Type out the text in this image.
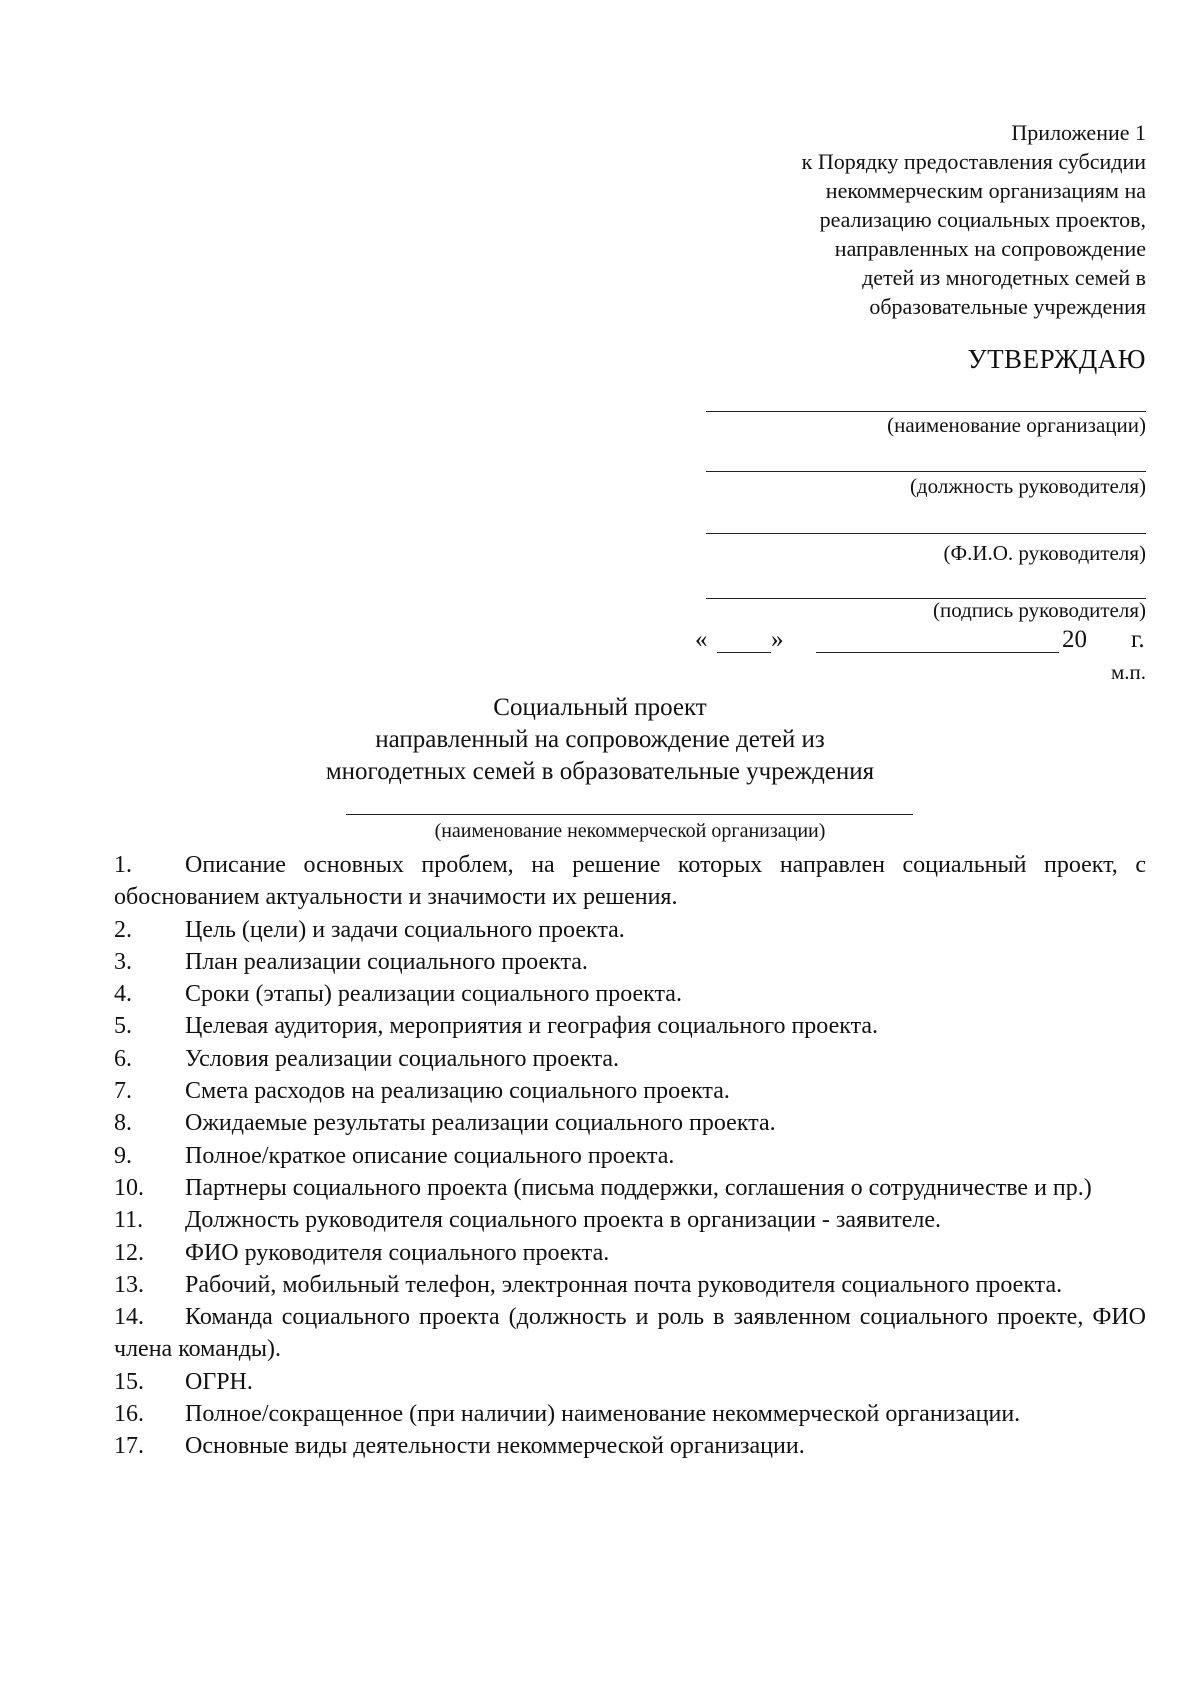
Приложение 1
к Порядку предоставления субсидии
некоммерческим организациям на
реализацию социальных проектов,
направленных на сопровождение
детей из многодетных семей в
образовательные учреждения
УТВЕРЖДАЮ
(наименование организации)
(должность руководителя)
(Ф.И.О. руководителя)
(подпись руководителя)
«	»	20 г.
м.п.
Социальный проект
направленный на сопровождение детей из
многодетных семей в образовательные учреждения
(наименование некоммерческой организации)
1.	Описание основных проблем, на решение которых направлен социальный проект, с обоснованием актуальности и значимости их решения.
2.	Цель (цели) и задачи социального проекта.
3.	План реализации социального проекта.
4.	Сроки (этапы) реализации социального проекта.
5.	Целевая аудитория, мероприятия и география социального проекта.
6.	Условия реализации социального проекта.
7.	Смета расходов на реализацию социального проекта.
8.	Ожидаемые результаты реализации социального проекта.
9.	Полное/краткое описание социального проекта.
10.	Партнеры социального проекта (письма поддержки, соглашения о сотрудничестве и пр.)
11.	Должность руководителя социального проекта в организации - заявителе.
12.	ФИО руководителя социального проекта.
13.	Рабочий, мобильный телефон, электронная почта руководителя социального проекта.
14.	Команда социального проекта (должность и роль в заявленном социального проекте, ФИО члена команды).
15.	ОГРН.
16.	Полное/сокращенное (при наличии) наименование некоммерческой организации.
17.	Основные виды деятельности некоммерческой организации.
